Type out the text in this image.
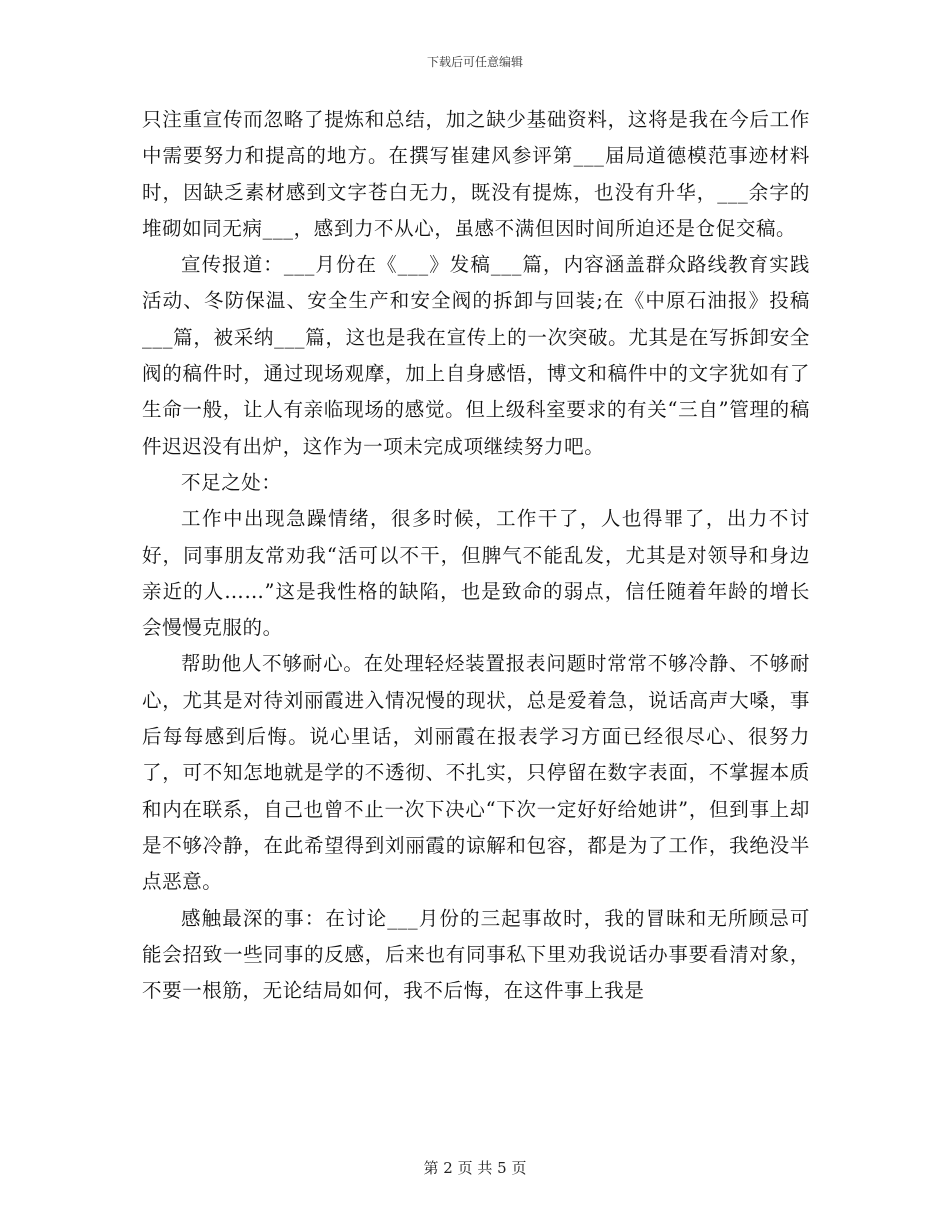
下载后可任意编辑

只注重宣传而忽略了提炼和总结，加之缺少基础资料，这将是我在今后工作中需要努力和提高的地方。在撰写崔建风参评第___届局道德模范事迹材料时，因缺乏素材感到文字苍白无力，既没有提炼，也没有升华，___余字的堆砌如同无病___，感到力不从心，虽感不满但因时间所迫还是仓促交稿。

宣传报道：___月份在《___》发稿___篇，内容涵盖群众路线教育实践活动、冬防保温、安全生产和安全阀的拆卸与回装;在《中原石油报》投稿___篇，被采纳___篇，这也是我在宣传上的一次突破。尤其是在写拆卸安全阀的稿件时，通过现场观摩，加上自身感悟，博文和稿件中的文字犹如有了生命一般，让人有亲临现场的感觉。但上级科室要求的有关“三自”管理的稿件迟迟没有出炉，这作为一项未完成项继续努力吧。

不足之处：

工作中出现急躁情绪，很多时候，工作干了，人也得罪了，出力不讨好，同事朋友常劝我“活可以不干，但脾气不能乱发，尤其是对领导和身边亲近的人……”这是我性格的缺陷，也是致命的弱点，信任随着年龄的增长会慢慢克服的。

帮助他人不够耐心。在处理轻烃装置报表问题时常常不够冷静、不够耐心，尤其是对待刘丽霞进入情况慢的现状，总是爱着急，说话高声大嗓，事后每每感到后悔。说心里话，刘丽霞在报表学习方面已经很尽心、很努力了，可不知怎地就是学的不透彻、不扎实，只停留在数字表面，不掌握本质和内在联系，自己也曾不止一次下决心“下次一定好好给她讲”，但到事上却是不够冷静，在此希望得到刘丽霞的谅解和包容，都是为了工作，我绝没半点恶意。

感触最深的事：在讨论___月份的三起事故时，我的冒昧和无所顾忌可能会招致一些同事的反感，后来也有同事私下里劝我说话办事要看清对象，不要一根筋，无论结局如何，我不后悔，在这件事上我是

第 2 页 共 5 页
